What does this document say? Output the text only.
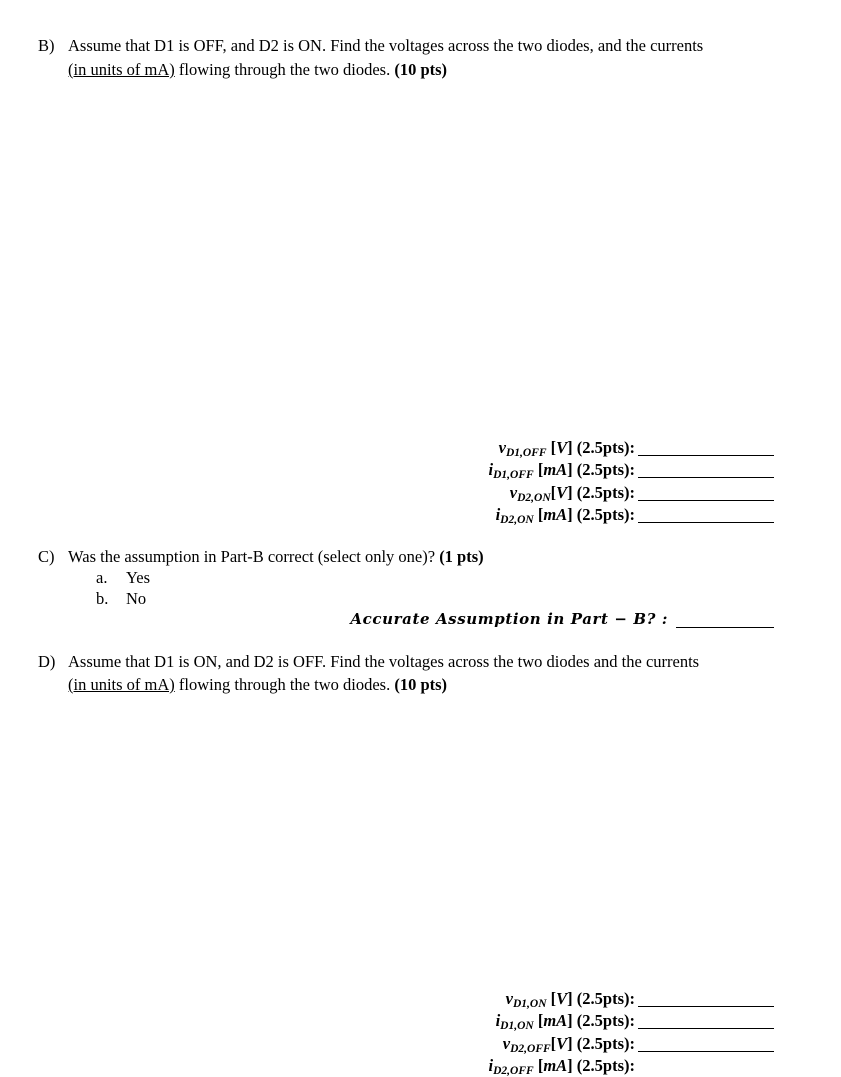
B) Assume that D1 is OFF, and D2 is ON. Find the voltages across the two diodes, and the currents
(in units of mA) flowing through the two diodes. (10 pts)
$v_{D1,OFF}$ [V] (2.5pts):
$i_{D1,OFF}$ [mA] (2.5pts):
$v_{D2,ON}[V]$ (2.5pts):
$i_{D2,ON}$ [mA] (2.5pts):
C) Was the assumption in Part-B correct (select only one)? (1 pts)
a. Yes
b. No
Accurate Assumption in Part − B? :
D) Assume that D1 is ON, and D2 is OFF. Find the voltages across the two diodes and the currents
(in units of mA) flowing through the two diodes. (10 pts)
$v_{D1,ON}$ [V] (2.5pts):
$i_{D1,ON}$ [mA] (2.5pts):
$v_{D2,OFF}[V]$ (2.5pts):
$i_{D2,OFF}$ [mA] (2.5pts):
